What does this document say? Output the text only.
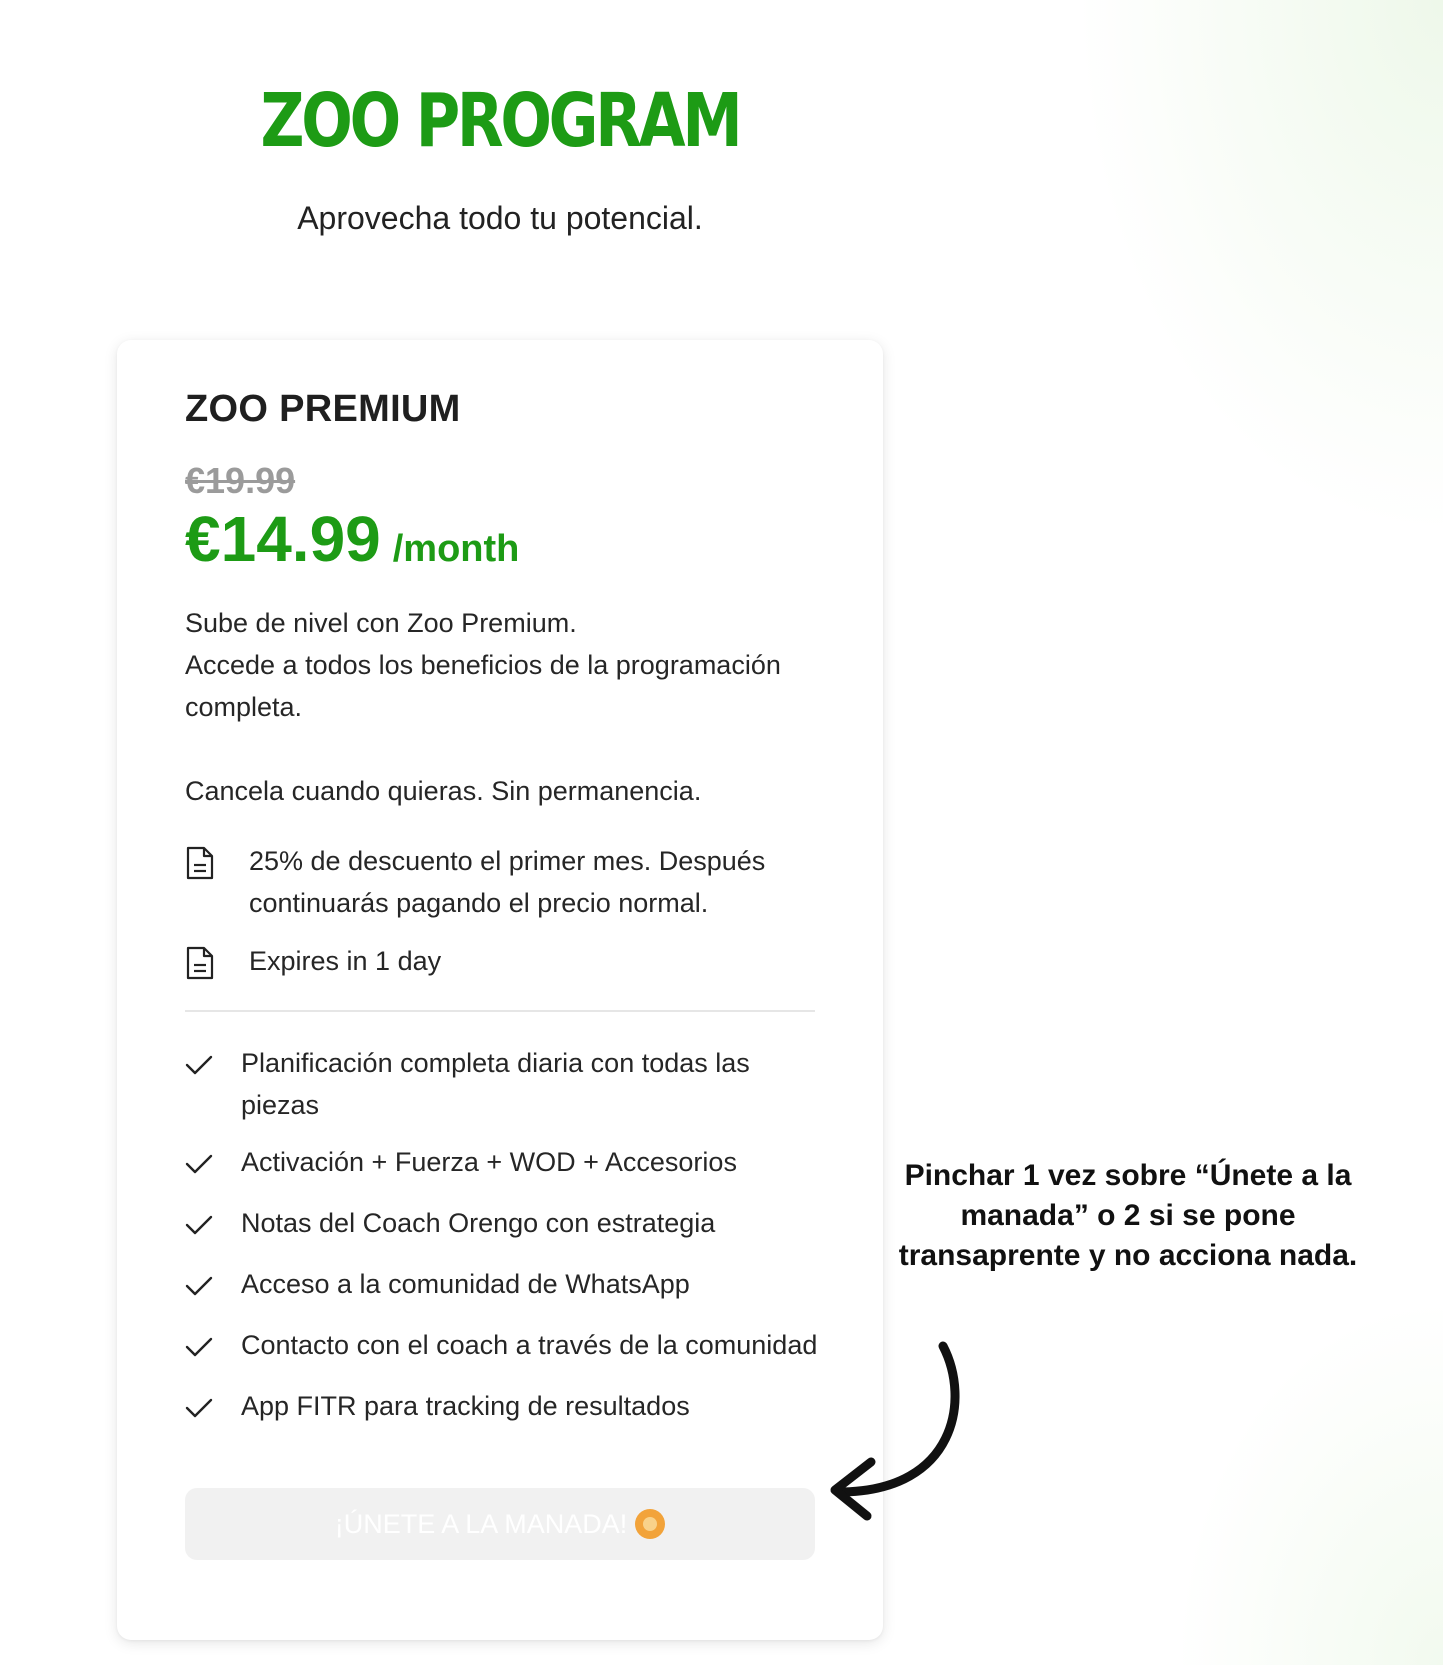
ZOO PROGRAM
Aprovecha todo tu potencial.
ZOO PREMIUM
€19.99
€14.99 /month

Sube de nivel con Zoo Premium.

Accede a todos los beneficios de la programación completa.

Cancela cuando quieras. Sin permanencia.

25% de descuento el primer mes. Después continuarás pagando el precio normal.
Expires in 1 day
Planificación completa diaria con todas las piezas
Activación + Fuerza + WOD + Accesorios
Notas del Coach Orengo con estrategia
Acceso a la comunidad de WhatsApp
Contacto con el coach a través de la comunidad
App FITR para tracking de resultados
¡ÚNETE A LA MANADA!
Pinchar 1 vez sobre “Únete a la manada” o 2 si se pone transaprente y no acciona nada.
